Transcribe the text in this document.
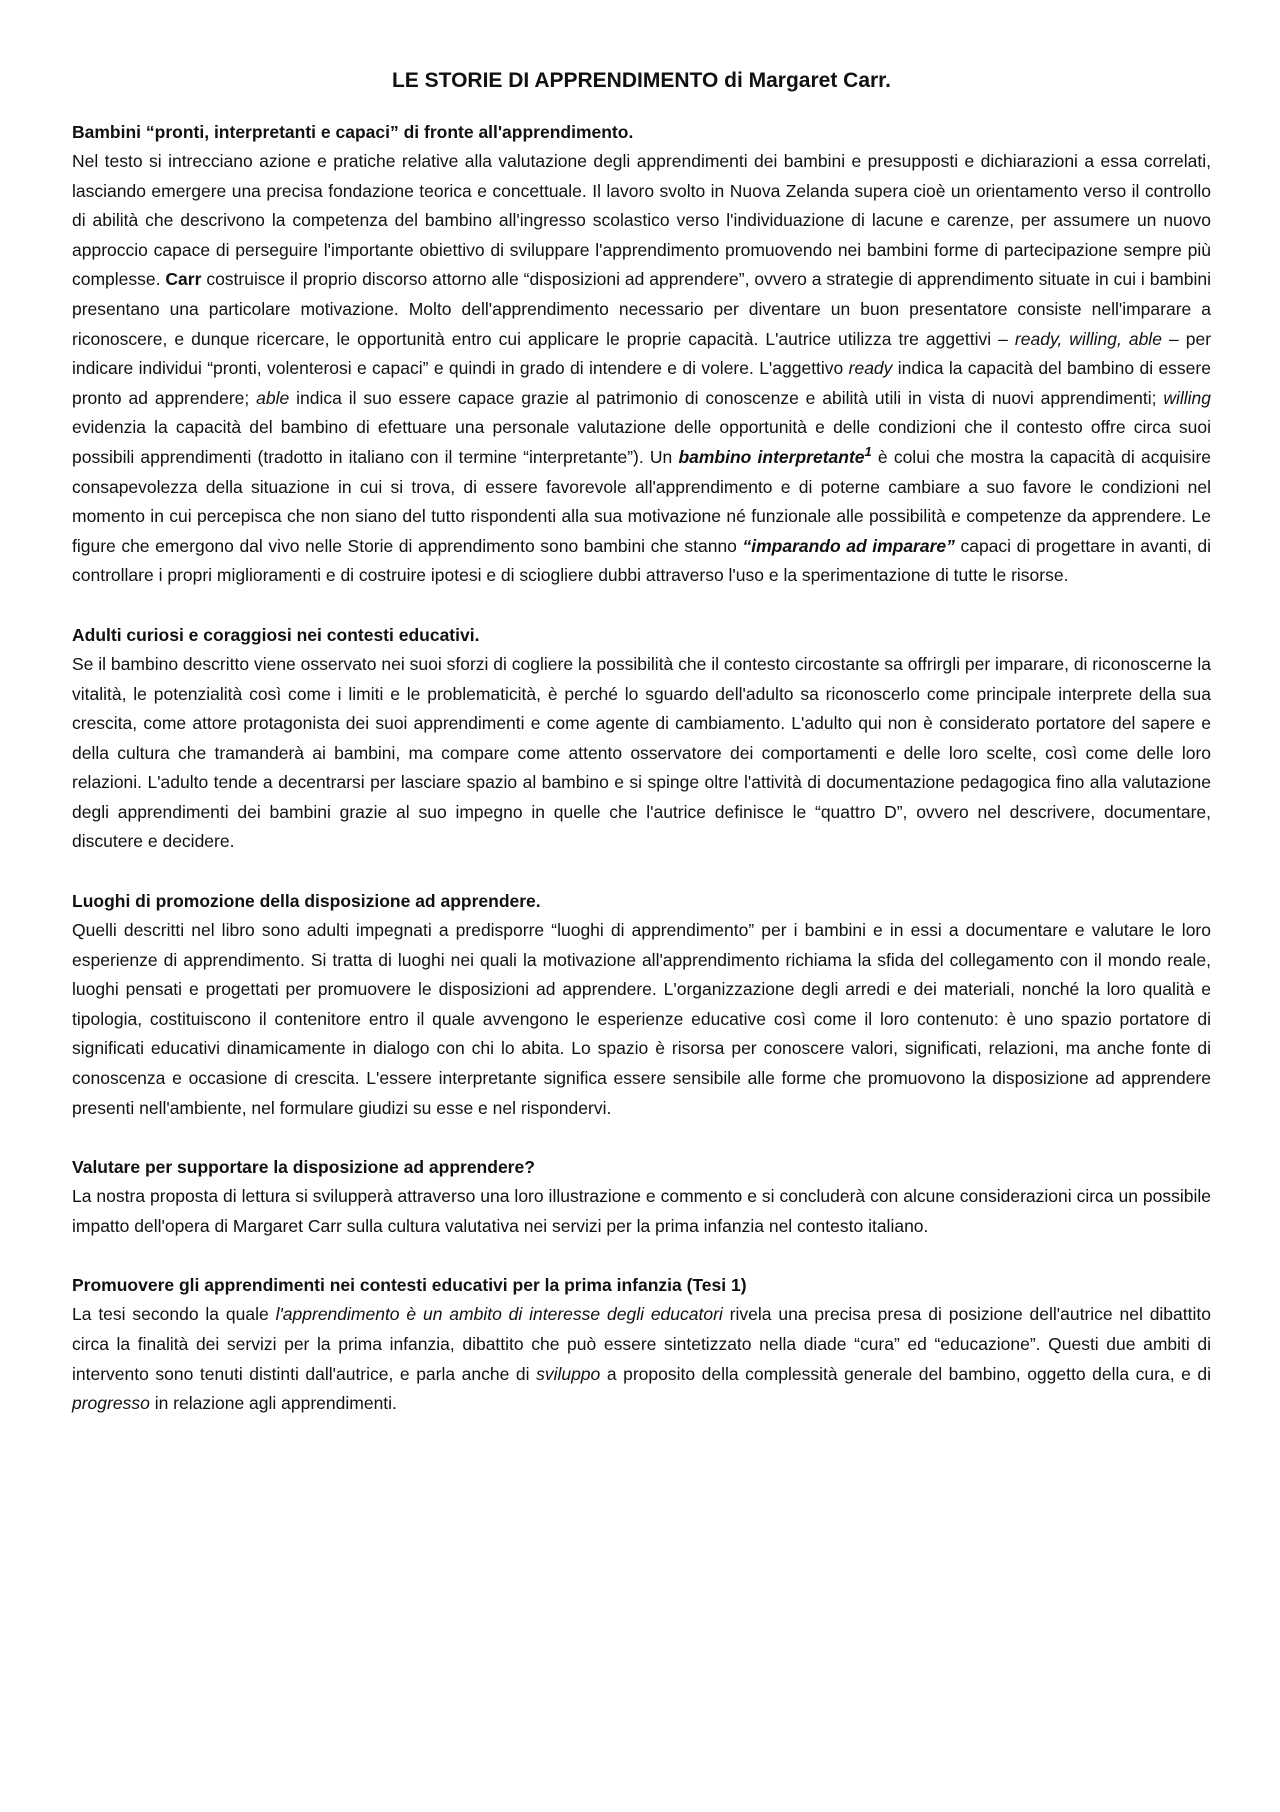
LE STORIE DI APPRENDIMENTO di Margaret Carr.

Bambini “pronti, interpretanti e capaci” di fronte all'apprendimento.

Nel testo si intrecciano azione e pratiche relative alla valutazione degli apprendimenti dei bambini e presupposti e dichiarazioni a essa correlati, lasciando emergere una precisa fondazione teorica e concettuale. Il lavoro svolto in Nuova Zelanda supera cioè un orientamento verso il controllo di abilità che descrivono la competenza del bambino all'ingresso scolastico verso l'individuazione di lacune e carenze, per assumere un nuovo approccio capace di perseguire l'importante obiettivo di sviluppare l'apprendimento promuovendo nei bambini forme di partecipazione sempre più complesse. Carr costruisce il proprio discorso attorno alle “disposizioni ad apprendere”, ovvero a strategie di apprendimento situate in cui i bambini presentano una particolare motivazione. Molto dell'apprendimento necessario per diventare un buon presentatore consiste nell'imparare a riconoscere, e dunque ricercare, le opportunità entro cui applicare le proprie capacità. L'autrice utilizza tre aggettivi – ready, willing, able – per indicare individui “pronti, volenterosi e capaci” e quindi in grado di intendere e di volere. L'aggettivo ready indica la capacità del bambino di essere pronto ad apprendere; able indica il suo essere capace grazie al patrimonio di conoscenze e abilità utili in vista di nuovi apprendimenti; willing evidenzia la capacità del bambino di efettuare una personale valutazione delle opportunità e delle condizioni che il contesto offre circa suoi possibili apprendimenti (tradotto in italiano con il termine “interpretante”). Un bambino interpretante$^1$ è colui che mostra la capacità di acquisire consapevolezza della situazione in cui si trova, di essere favorevole all'apprendimento e di poterne cambiare a suo favore le condizioni nel momento in cui percepisca che non siano del tutto rispondenti alla sua motivazione né funzionale alle possibilità e competenze da apprendere. Le figure che emergono dal vivo nelle Storie di apprendimento sono bambini che stanno “imparando ad imparare” capaci di progettare in avanti, di controllare i propri miglioramenti e di costruire ipotesi e di sciogliere dubbi attraverso l'uso e la sperimentazione di tutte le risorse.

Adulti curiosi e coraggiosi nei contesti educativi.

Se il bambino descritto viene osservato nei suoi sforzi di cogliere la possibilità che il contesto circostante sa offrirgli per imparare, di riconoscerne la vitalità, le potenzialità così come i limiti e le problematicità, è perché lo sguardo dell'adulto sa riconoscerlo come principale interprete della sua crescita, come attore protagonista dei suoi apprendimenti e come agente di cambiamento. L'adulto qui non è considerato portatore del sapere e della cultura che tramanderà ai bambini, ma compare come attento osservatore dei comportamenti e delle loro scelte, così come delle loro relazioni. L'adulto tende a decentrarsi per lasciare spazio al bambino e si spinge oltre l'attività di documentazione pedagogica fino alla valutazione degli apprendimenti dei bambini grazie al suo impegno in quelle che l'autrice definisce le “quattro D”, ovvero nel descrivere, documentare, discutere e decidere.

Luoghi di promozione della disposizione ad apprendere.

Quelli descritti nel libro sono adulti impegnati a predisporre “luoghi di apprendimento” per i bambini e in essi a documentare e valutare le loro esperienze di apprendimento. Si tratta di luoghi nei quali la motivazione all'apprendimento richiama la sfida del collegamento con il mondo reale, luoghi pensati e progettati per promuovere le disposizioni ad apprendere. L'organizzazione degli arredi e dei materiali, nonché la loro qualità e tipologia, costituiscono il contenitore entro il quale avvengono le esperienze educative così come il loro contenuto: è uno spazio portatore di significati educativi dinamicamente in dialogo con chi lo abita. Lo spazio è risorsa per conoscere valori, significati, relazioni, ma anche fonte di conoscenza e occasione di crescita. L'essere interpretante significa essere sensibile alle forme che promuovono la disposizione ad apprendere presenti nell'ambiente, nel formulare giudizi su esse e nel rispondervi.

Valutare per supportare la disposizione ad apprendere?

La nostra proposta di lettura si svilupperà attraverso una loro illustrazione e commento e si concluderà con alcune considerazioni circa un possibile impatto dell'opera di Margaret Carr sulla cultura valutativa nei servizi per la prima infanzia nel contesto italiano.

Promuovere gli apprendimenti nei contesti educativi per la prima infanzia (Tesi 1)

La tesi secondo la quale l'apprendimento è un ambito di interesse degli educatori rivela una precisa presa di posizione dell'autrice nel dibattito circa la finalità dei servizi per la prima infanzia, dibattito che può essere sintetizzato nella diade “cura” ed “educazione”. Questi due ambiti di intervento sono tenuti distinti dall'autrice, e parla anche di sviluppo a proposito della complessità generale del bambino, oggetto della cura, e di progresso in relazione agli apprendimenti.
